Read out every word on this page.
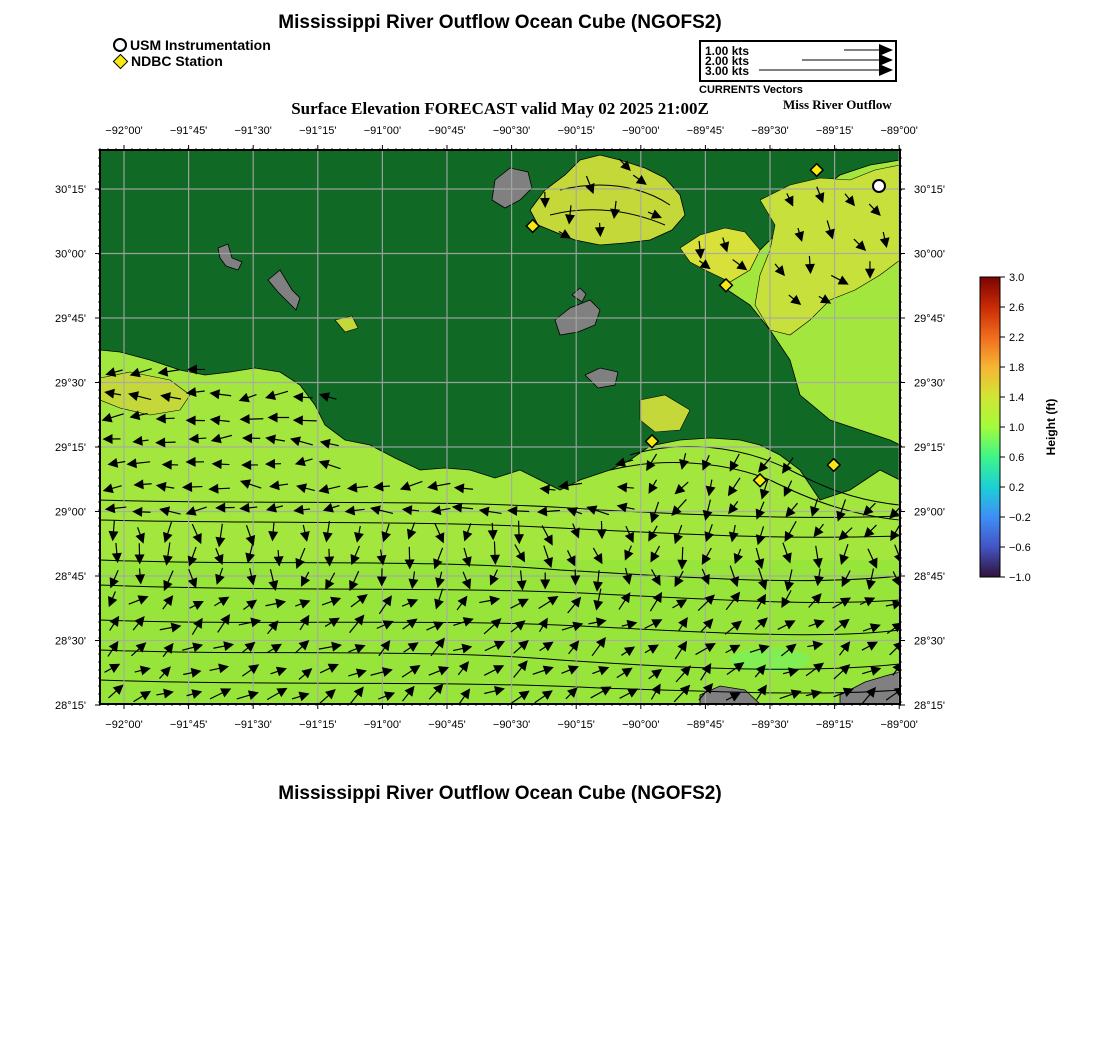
Mississippi River Outflow Ocean Cube (NGOFS2)
USM Instrumentation
NDBC Station
1.00 kts
2.00 kts
3.00 kts
CURRENTS Vectors
Surface Elevation FORECAST valid May 02 2025 21:00Z	Miss River Outflow
−92°00' −91°45' −91°30' −91°15' −91°00' −90°45' −90°30' −90°15' −90°00' −89°45' −89°30' −89°15' −89°00'
−92°00' −91°45' −91°30' −91°15' −91°00' −90°45' −90°30' −90°15' −90°00' −89°45' −89°30' −89°15' −89°00'
30°15'
30°00'
29°45'
29°30'
29°15'
29°00'
28°45'
28°30'
28°15'
30°15'
30°00'
29°45'
29°30'
29°15'
29°00'
28°45'
28°30'
28°15'
3.0
2.6
2.2
1.8
1.4
1.0
0.6
0.2
−0.2
−0.6
−1.0
Height (ft)
Mississippi River Outflow Ocean Cube (NGOFS2)
